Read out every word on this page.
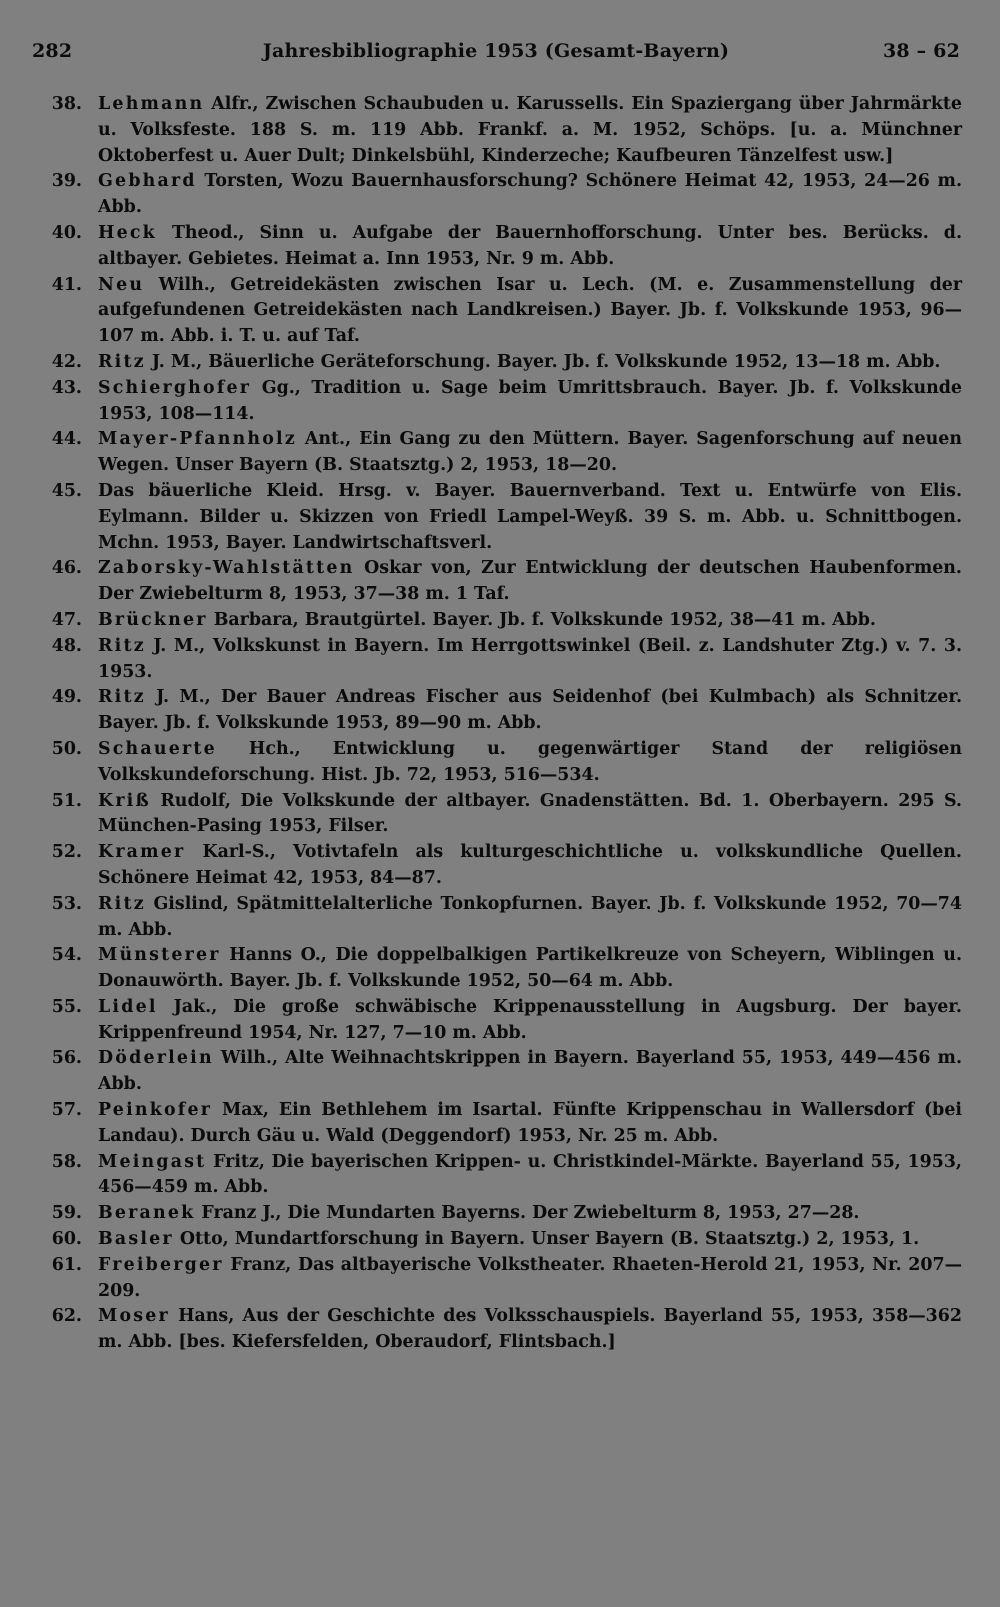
282	Jahresbibliographie 1953 (Gesamt-Bayern)	38 – 62
38. Lehmann Alfr., Zwischen Schaubuden u. Karussells. Ein Spaziergang über Jahrmärkte u. Volksfeste. 188 S. m. 119 Abb. Frankf. a. M. 1952, Schöps. [u. a. Münchner Oktoberfest u. Auer Dult; Dinkelsbühl, Kinderzeche; Kaufbeuren Tänzelfest usw.]
39. Gebhard Torsten, Wozu Bauernhausforschung? Schönere Heimat 42, 1953, 24—26 m. Abb.
40. Heck Theod., Sinn u. Aufgabe der Bauernhofforschung. Unter bes. Berücks. d. altbayer. Gebietes. Heimat a. Inn 1953, Nr. 9 m. Abb.
41. Neu Wilh., Getreidekästen zwischen Isar u. Lech. (M. e. Zusammenstellung der aufgefundenen Getreidekästen nach Landkreisen.) Bayer. Jb. f. Volkskunde 1953, 96—107 m. Abb. i. T. u. auf Taf.
42. Ritz J. M., Bäuerliche Geräteforschung. Bayer. Jb. f. Volkskunde 1952, 13—18 m. Abb.
43. Schierghofer Gg., Tradition u. Sage beim Umrittsbrauch. Bayer. Jb. f. Volkskunde 1953, 108—114.
44. Mayer-Pfannholz Ant., Ein Gang zu den Müttern. Bayer. Sagenforschung auf neuen Wegen. Unser Bayern (B. Staatsztg.) 2, 1953, 18—20.
45. Das bäuerliche Kleid. Hrsg. v. Bayer. Bauernverband. Text u. Entwürfe von Elis. Eylmann. Bilder u. Skizzen von Friedl Lampel-Weyß. 39 S. m. Abb. u. Schnittbogen. Mchn. 1953, Bayer. Landwirtschaftsverl.
46. Zaborsky-Wahlstätten Oskar von, Zur Entwicklung der deutschen Haubenformen. Der Zwiebelturm 8, 1953, 37—38 m. 1 Taf.
47. Brückner Barbara, Brautgürtel. Bayer. Jb. f. Volkskunde 1952, 38—41 m. Abb.
48. Ritz J. M., Volkskunst in Bayern. Im Herrgottswinkel (Beil. z. Landshuter Ztg.) v. 7. 3. 1953.
49. Ritz J. M., Der Bauer Andreas Fischer aus Seidenhof (bei Kulmbach) als Schnitzer. Bayer. Jb. f. Volkskunde 1953, 89—90 m. Abb.
50. Schauerte Hch., Entwicklung u. gegenwärtiger Stand der religiösen Volkskundeforschung. Hist. Jb. 72, 1953, 516—534.
51. Kriß Rudolf, Die Volkskunde der altbayer. Gnadenstätten. Bd. 1. Oberbayern. 295 S. München-Pasing 1953, Filser.
52. Kramer Karl-S., Votivtafeln als kulturgeschichtliche u. volkskundliche Quellen. Schönere Heimat 42, 1953, 84—87.
53. Ritz Gislind, Spätmittelalterliche Tonkopfurnen. Bayer. Jb. f. Volkskunde 1952, 70—74 m. Abb.
54. Münsterer Hanns O., Die doppelbalkigen Partikelkreuze von Scheyern, Wiblingen u. Donauwörth. Bayer. Jb. f. Volkskunde 1952, 50—64 m. Abb.
55. Lidel Jak., Die große schwäbische Krippenausstellung in Augsburg. Der bayer. Krippenfreund 1954, Nr. 127, 7—10 m. Abb.
56. Döderlein Wilh., Alte Weihnachtskrippen in Bayern. Bayerland 55, 1953, 449—456 m. Abb.
57. Peinkofer Max, Ein Bethlehem im Isartal. Fünfte Krippenschau in Wallersdorf (bei Landau). Durch Gäu u. Wald (Deggendorf) 1953, Nr. 25 m. Abb.
58. Meingast Fritz, Die bayerischen Krippen- u. Christkindel-Märkte. Bayerland 55, 1953, 456—459 m. Abb.
59. Beranek Franz J., Die Mundarten Bayerns. Der Zwiebelturm 8, 1953, 27—28.
60. Basler Otto, Mundartforschung in Bayern. Unser Bayern (B. Staatsztg.) 2, 1953, 1.
61. Freiberger Franz, Das altbayerische Volkstheater. Rhaeten-Herold 21, 1953, Nr. 207—209.
62. Moser Hans, Aus der Geschichte des Volksschauspiels. Bayerland 55, 1953, 358—362 m. Abb. [bes. Kiefersfelden, Oberaudorf, Flintsbach.]
